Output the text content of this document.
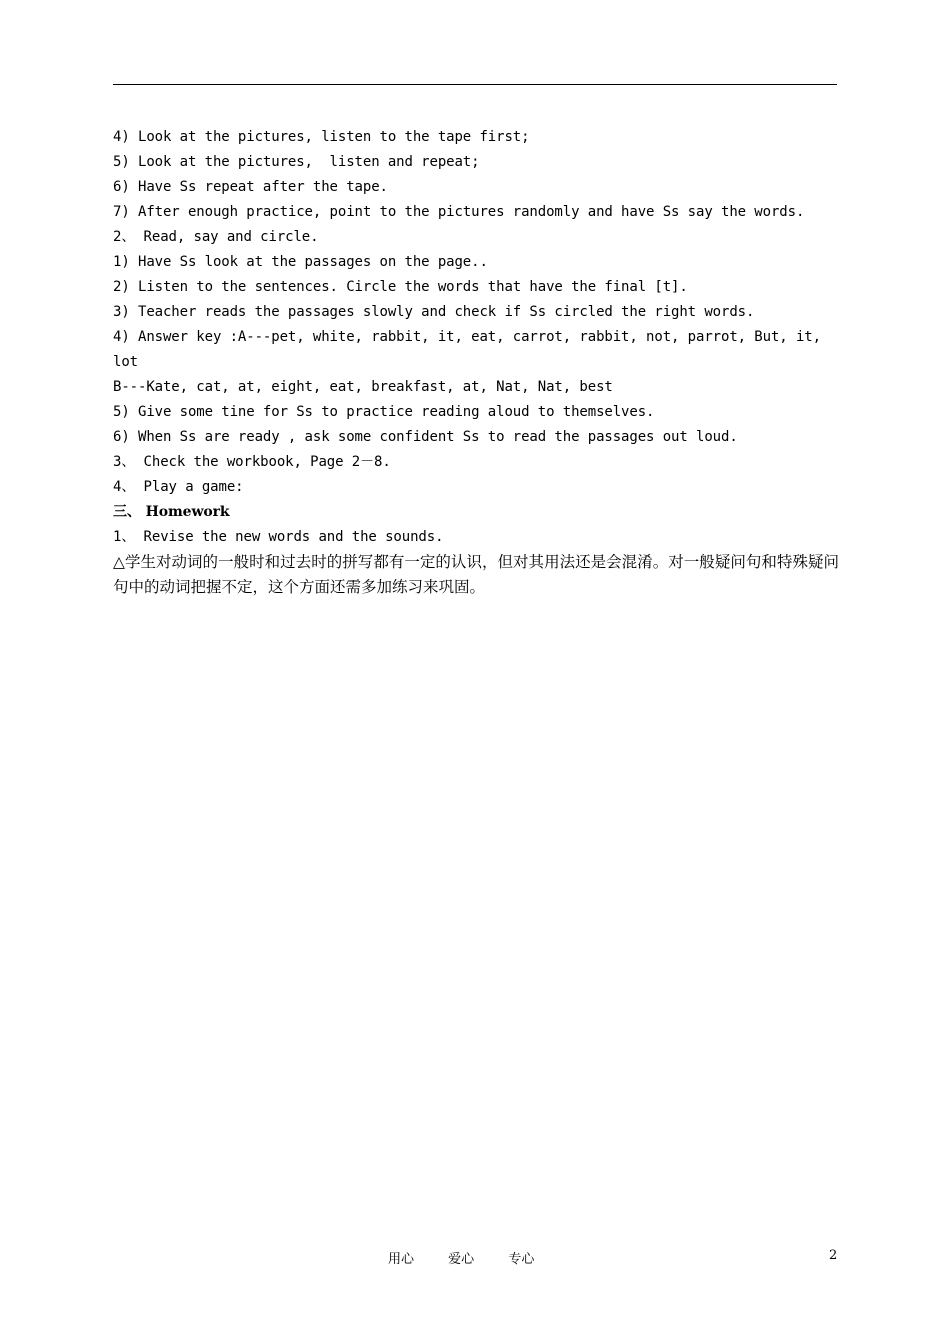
4) Look at the pictures, listen to the tape first;
5) Look at the pictures,  listen and repeat;
6) Have Ss repeat after the tape.
7) After enough practice, point to the pictures randomly and have Ss say the words.
2、 Read, say and circle.
1) Have Ss look at the passages on the page..
2) Listen to the sentences. Circle the words that have the final [t].
3) Teacher reads the passages slowly and check if Ss circled the right words.
4) Answer key :A---pet, white, rabbit, it, eat, carrot, rabbit, not, parrot, But, it,
lot
B---Kate, cat, at, eight, eat, breakfast, at, Nat, Nat, best
5) Give some tine for Ss to practice reading aloud to themselves.
6) When Ss are ready , ask some confident Ss to read the passages out loud.
3、 Check the workbook, Page 2－8.
4、 Play a game:
三、 Homework
1、 Revise the new words and the sounds.
△学生对动词的一般时和过去时的拼写都有一定的认识，但对其用法还是会混淆。对一般疑问句和特殊疑问句中的动词把握不定，这个方面还需多加练习来巩固。
用心	爱心	专心	2
